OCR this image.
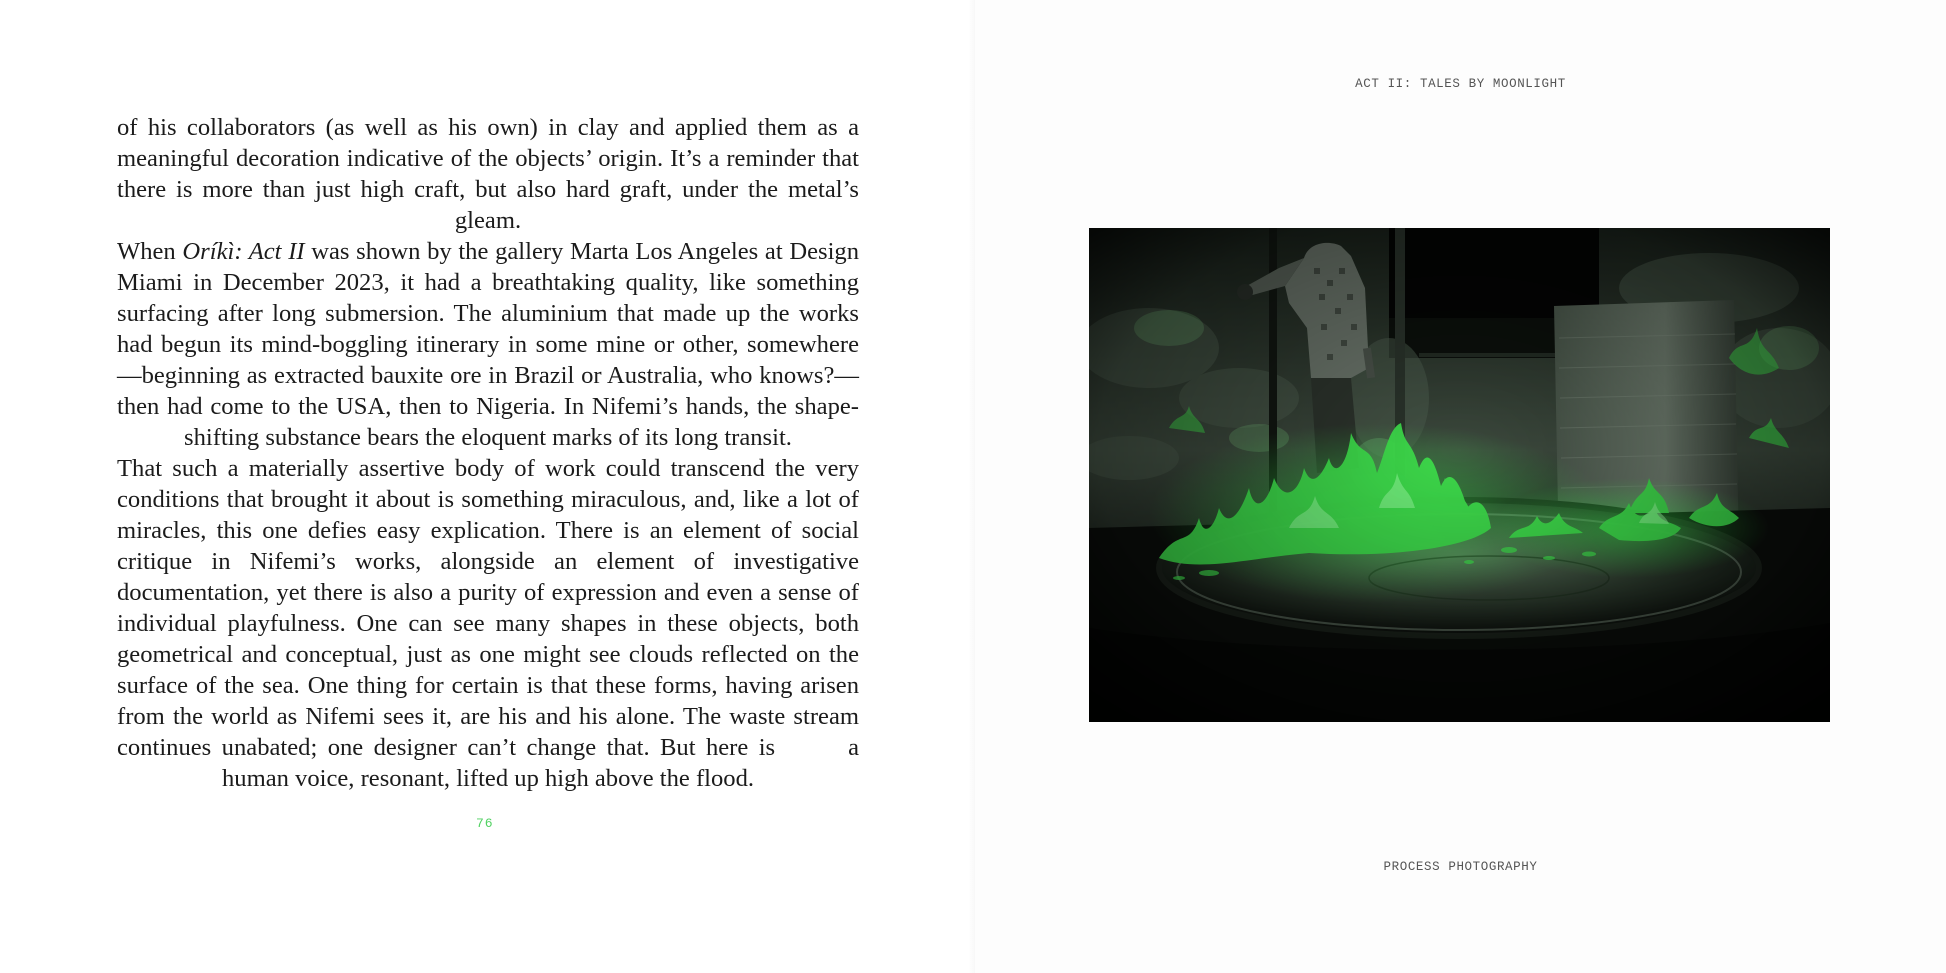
of his collaborators (as well as his own) in clay and applied them as a meaningful decoration indicative of the objects’ origin. It’s a reminder that there is more than just high craft, but also hard graft, under the metal’s gleam.

When Oríkì: Act II was shown by the gallery Marta Los Angeles at Design Miami in December 2023, it had a breathtaking quality, like something surfacing after long submersion. The aluminium that made up the works had begun its mind-boggling itinerary in some mine or other, somewhere—beginning as extracted bauxite ore in Brazil or Australia, who knows?—then had come to the USA, then to Nigeria. In Nifemi’s hands, the shape-shifting substance bears the eloquent marks of its long transit.

That such a materially assertive body of work could transcend the very conditions that brought it about is something miraculous, and, like a lot of miracles, this one defies easy explication. There is an element of social critique in Nifemi’s works, alongside an element of investigative documentation, yet there is also a purity of expression and even a sense of individual playfulness. One can see many shapes in these objects, both geometrical and conceptual, just as one might see clouds reflected on the surface of the sea. One thing for certain is that these forms, having arisen from the world as Nifemi sees it, are his and his alone. The waste stream continues unabated; one designer can’t change that. But here is       a human voice, resonant, lifted up high above the flood.

76
ACT II: TALES BY MOONLIGHT
PROCESS PHOTOGRAPHY
